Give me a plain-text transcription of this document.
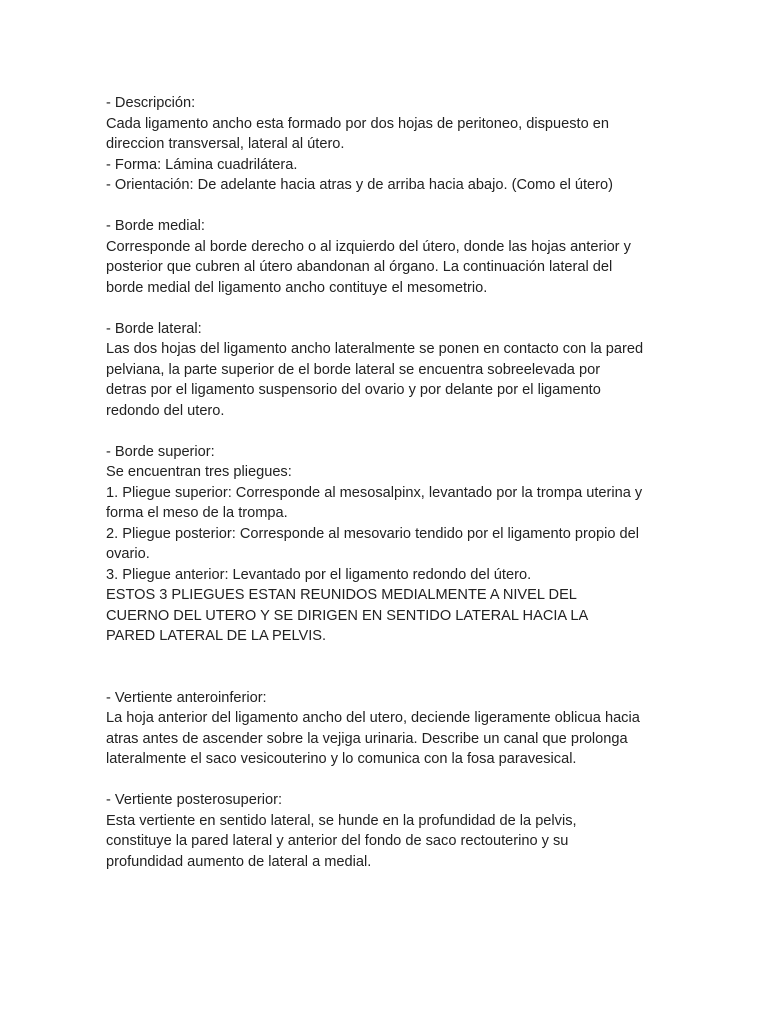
- Descripción:
Cada ligamento ancho esta formado por dos hojas de peritoneo, dispuesto en
direccion transversal, lateral al útero.
- Forma: Lámina cuadrilátera.
- Orientación: De adelante hacia atras y de arriba hacia abajo. (Como el útero)
- Borde medial:
Corresponde al borde derecho o al izquierdo del útero, donde las hojas anterior y
posterior que cubren al útero abandonan al órgano. La continuación lateral del
borde medial del ligamento ancho contituye el mesometrio.
- Borde lateral:
Las dos hojas del ligamento ancho lateralmente se ponen en contacto con la pared
pelviana, la parte superior de el borde lateral se encuentra sobreelevada por
detras por el ligamento suspensorio del ovario y por delante por el ligamento
redondo del utero.
- Borde superior:
Se encuentran tres pliegues:
1. Pliegue superior: Corresponde al mesosalpinx, levantado por la trompa uterina y
forma el meso de la trompa.
2. Pliegue posterior: Corresponde al mesovario tendido por el ligamento propio del
ovario.
3. Pliegue anterior: Levantado por el ligamento redondo del útero.
ESTOS 3 PLIEGUES ESTAN REUNIDOS MEDIALMENTE A NIVEL DEL
CUERNO DEL UTERO Y SE DIRIGEN EN SENTIDO LATERAL HACIA LA
PARED LATERAL DE LA PELVIS.
- Vertiente anteroinferior:
La hoja anterior del ligamento ancho del utero, deciende ligeramente oblicua hacia
atras antes de ascender sobre la vejiga urinaria. Describe un canal que prolonga
lateralmente el saco vesicouterino y lo comunica con la fosa paravesical.
- Vertiente posterosuperior:
Esta vertiente en sentido lateral, se hunde en la profundidad de la pelvis,
constituye la pared lateral y anterior del fondo de saco rectouterino y su
profundidad aumento de lateral a medial.
